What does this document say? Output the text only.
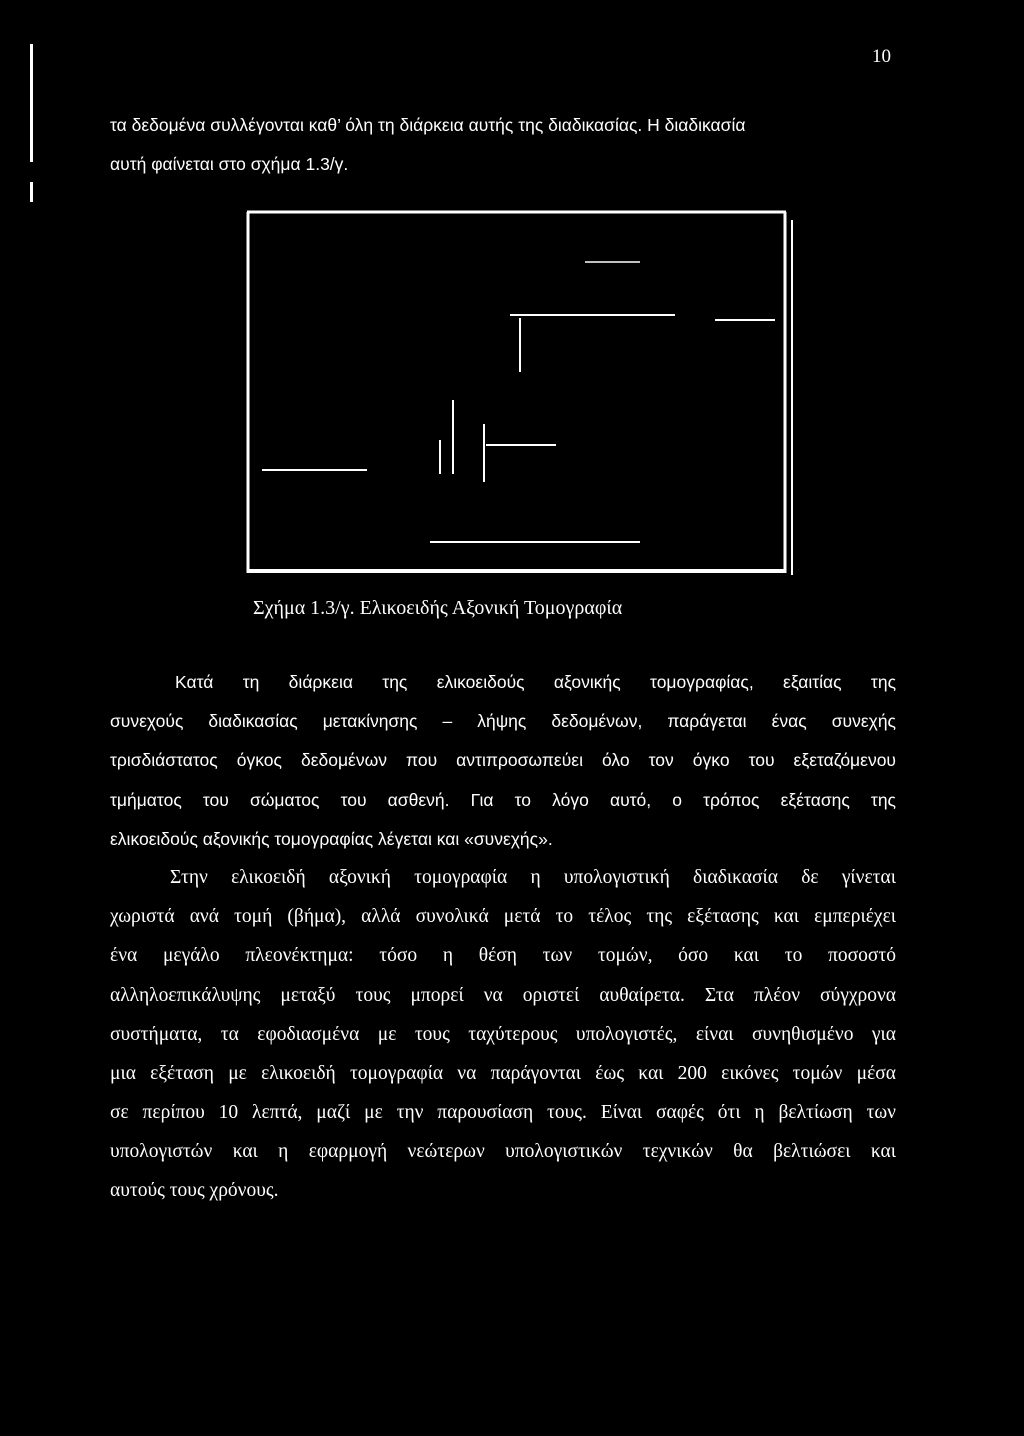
10
τα δεδομένα συλλέγονται καθ’ όλη τη διάρκεια αυτής της διαδικασίας. Η διαδικασία
αυτή φαίνεται στο σχήμα 1.3/γ.
Σχήμα 1.3/γ. Ελικοειδής Αξονική Τομογραφία
Κατά τη διάρκεια της ελικοειδούς αξονικής τομογραφίας, εξαιτίας της
συνεχούς διαδικασίας μετακίνησης – λήψης δεδομένων, παράγεται ένας συνεχής
τρισδιάστατος όγκος δεδομένων που αντιπροσωπεύει όλο τον όγκο του εξεταζόμενου
τμήματος του σώματος του ασθενή. Για το λόγο αυτό, ο τρόπος εξέτασης της
ελικοειδούς αξονικής τομογραφίας λέγεται και «συνεχής».
Στην ελικοειδή αξονική τομογραφία η υπολογιστική διαδικασία δε γίνεται
χωριστά ανά τομή (βήμα), αλλά συνολικά μετά το τέλος της εξέτασης και εμπεριέχει
ένα μεγάλο πλεονέκτημα: τόσο η θέση των τομών, όσο και το ποσοστό
αλληλοεπικάλυψης μεταξύ τους μπορεί να οριστεί αυθαίρετα. Στα πλέον σύγχρονα
συστήματα, τα εφοδιασμένα με τους ταχύτερους υπολογιστές, είναι συνηθισμένο για
μια εξέταση με ελικοειδή τομογραφία να παράγονται έως και 200 εικόνες τομών μέσα
σε περίπου 10 λεπτά, μαζί με την παρουσίαση τους. Είναι σαφές ότι η βελτίωση των
υπολογιστών και η εφαρμογή νεώτερων υπολογιστικών τεχνικών θα βελτιώσει και
αυτούς τους χρόνους.
